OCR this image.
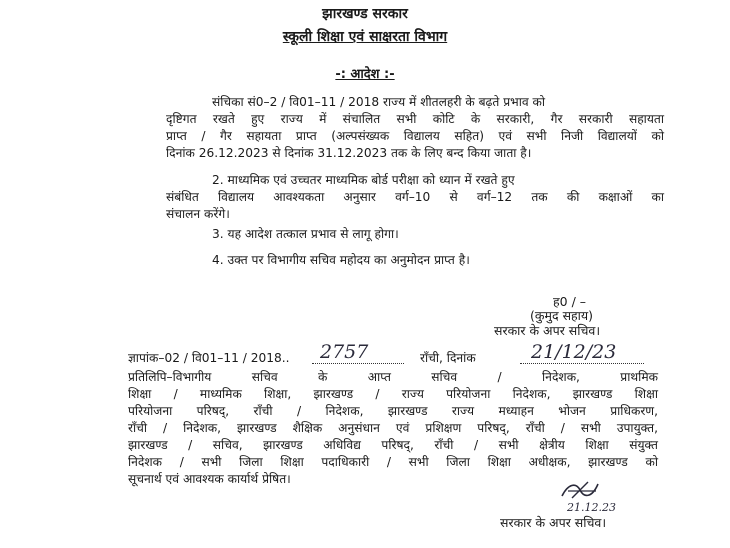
झारखण्ड सरकार
स्कूली शिक्षा एवं साक्षरता विभाग
-: आदेश :-
संचिका सं0–2 / वि01–11 / 2018 राज्य में शीतलहरी के बढ़ते प्रभाव को
दृष्टिगत रखते हुए राज्य में संचालित सभी कोटि के सरकारी, गैर सरकारी सहायता
प्राप्त / गैर सहायता प्राप्त (अल्पसंख्यक विद्यालय सहित) एवं सभी निजी विद्यालयों को
दिनांक 26.12.2023 से दिनांक 31.12.2023 तक के लिए बन्द किया जाता है।
2. माध्यमिक एवं उच्चतर माध्यमिक बोर्ड परीक्षा को ध्यान में रखते हुए
संबंधित विद्यालय आवश्यकता अनुसार वर्ग–10 से वर्ग–12 तक की कक्षाओं का
संचालन करेंगे।
3. यह आदेश तत्काल प्रभाव से लागू होगा।
4. उक्त पर विभागीय सचिव महोदय का अनुमोदन प्राप्त है।
ह0 / –
(कुमुद सहाय)
सरकार के अपर सचिव।
ज्ञापांक–02 / वि01–11 / 2018.. 2757	रॉंची, दिनांक	21/12/23
प्रतिलिपि–विभागीय सचिव के आप्त सचिव / निदेशक, प्राथमिक
शिक्षा / माध्यमिक शिक्षा, झारखण्ड / राज्य परियोजना निदेशक, झारखण्ड शिक्षा
परियोजना परिषद्, रॉंची / निदेशक, झारखण्ड राज्य मध्याहन भोजन प्राधिकरण,
रॉंची / निदेशक, झारखण्ड शैक्षिक अनुसंधान एवं प्रशिक्षण परिषद्, रॉंची / सभी उपायुक्त,
झारखण्ड / सचिव, झारखण्ड अधिविद्य परिषद्, रॉंची / सभी क्षेत्रीय शिक्षा संयुक्त
निदेशक / सभी जिला शिक्षा पदाधिकारी / सभी जिला शिक्षा अधीक्षक, झारखण्ड को
सूचनार्थ एवं आवश्यक कार्यार्थ प्रेषित।
21.12.23
सरकार के अपर सचिव।
